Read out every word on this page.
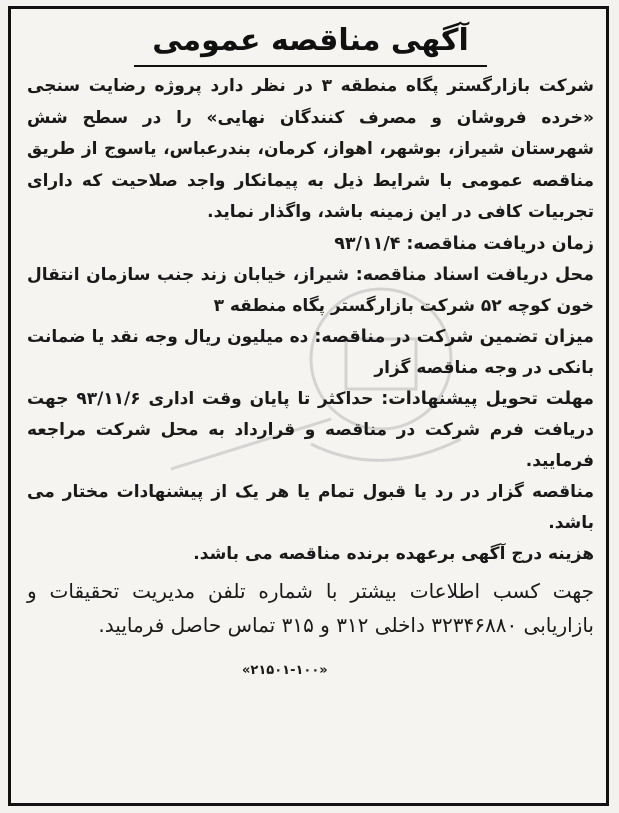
آگهی مناقصه عمومی

شرکت بازارگستر پگاه منطقه ۳ در نظر دارد پروژه رضایت سنجی «خرده فروشان و مصرف کنندگان نهایی» را در سطح شش شهرستان شیراز، بوشهر، اهواز، کرمان، بندرعباس، یاسوج از طریق مناقصه عمومی با شرایط ذیل به پیمانکار واجد صلاحیت که دارای تجربیات کافی در این زمینه باشد، واگذار نماید.

زمان دریافت مناقصه: ۹۳/۱۱/۴

محل دریافت اسناد مناقصه: شیراز، خیابان زند جنب سازمان انتقال خون کوچه ۵۲ شرکت بازارگستر پگاه منطقه ۳

میزان تضمین شرکت در مناقصه: ده میلیون ریال وجه نقد یا ضمانت بانکی در وجه مناقصه گزار

مهلت تحویل پیشنهادات: حداکثر تا پایان وقت اداری ۹۳/۱۱/۶ جهت دریافت فرم شرکت در مناقصه و قرارداد به محل شرکت مراجعه فرمایید.

مناقصه گزار در رد یا قبول تمام یا هر یک از پیشنهادات مختار می باشد.

هزینه درج آگهی برعهده برنده مناقصه می باشد.

جهت کسب اطلاعات بیشتر با شماره تلفن مدیریت تحقیقات و بازاریابی ۳۲۳۴۶۸۸۰ داخلی ۳۱۲ و ۳۱۵ تماس حاصل فرمایید.

«۲۱۵۰۱-۱۰۰»
